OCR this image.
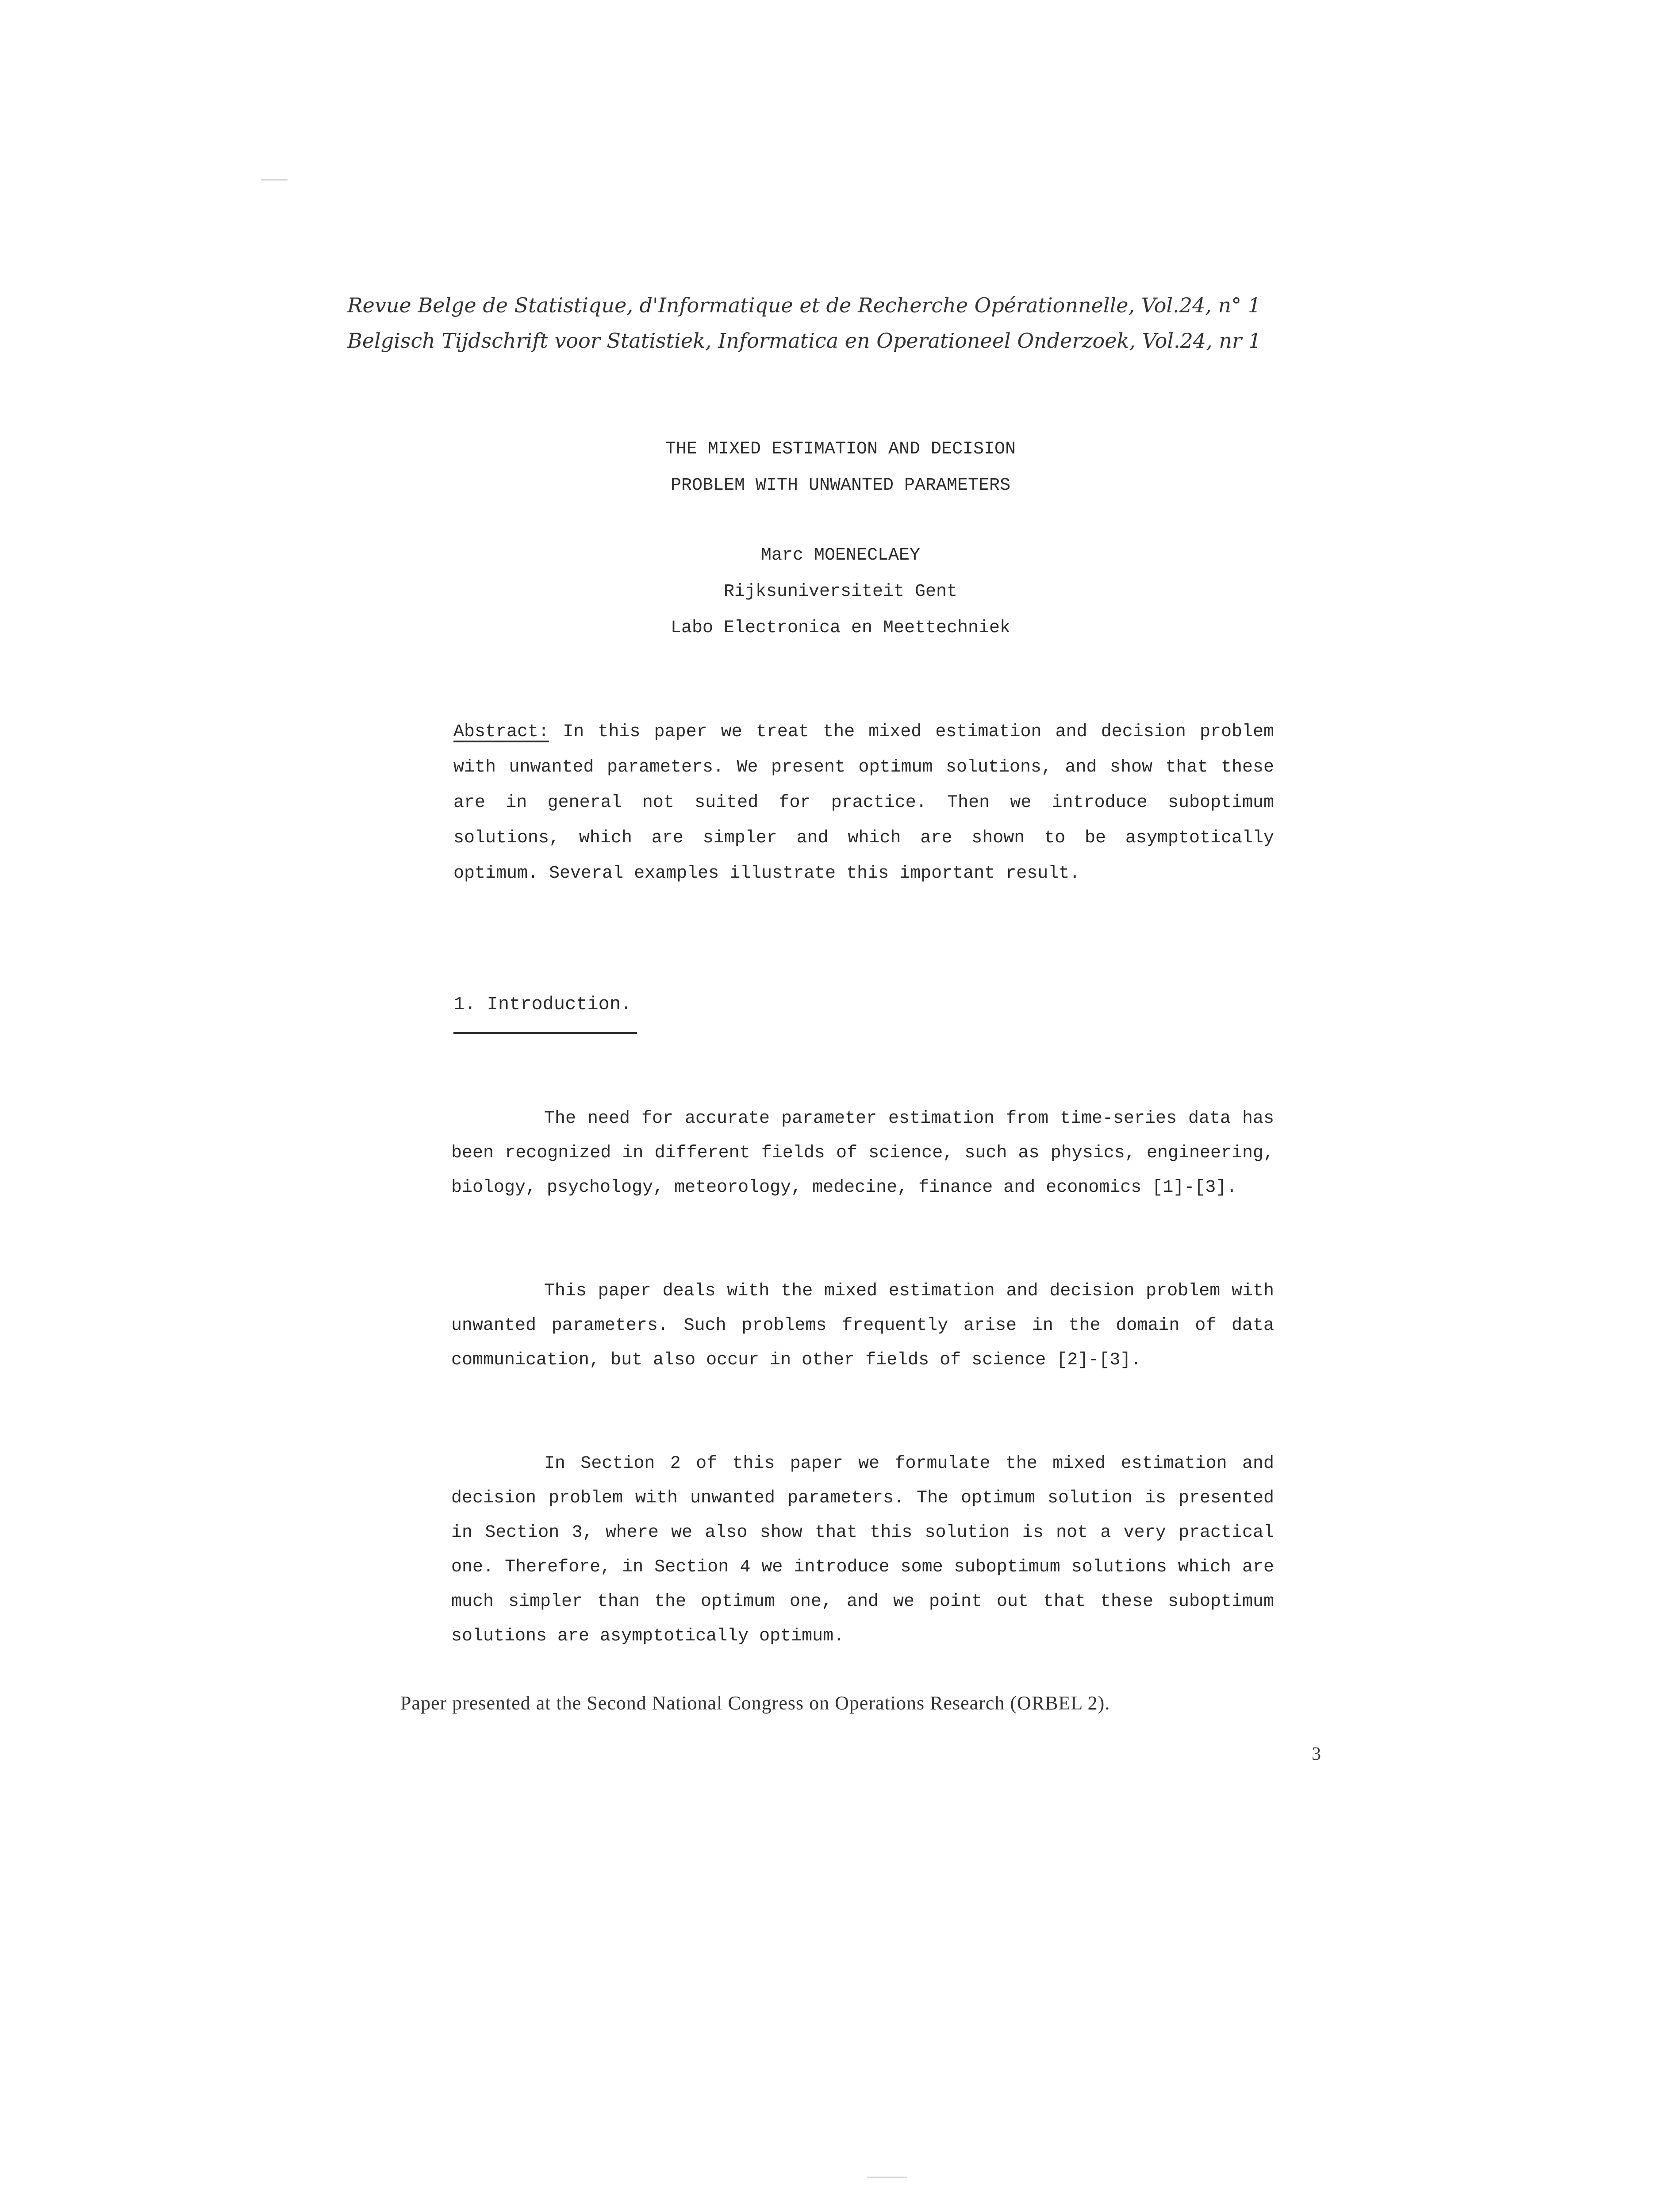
Revue Belge de Statistique, d'Informatique et de Recherche Opérationnelle, Vol.24, n° 1
Belgisch Tijdschrift voor Statistiek, Informatica en Operationeel Onderzoek, Vol.24, nr 1
THE MIXED ESTIMATION AND DECISION
PROBLEM WITH UNWANTED PARAMETERS
Marc MOENECLAEY
Rijksuniversiteit Gent
Labo Electronica en Meettechniek
Abstract: In this paper we treat the mixed estimation and decision problem with unwanted parameters. We present optimum solutions, and show that these are in general not suited for practice. Then we introduce suboptimum solutions, which are simpler and which are shown to be asymptotically optimum. Several examples illustrate this important result.
1. Introduction.
The need for accurate parameter estimation from time-series data has been recognized in different fields of science, such as physics, engineering, biology, psychology, meteorology, medecine, finance and economics [1]-[3].
This paper deals with the mixed estimation and decision problem with unwanted parameters. Such problems frequently arise in the domain of data communication, but also occur in other fields of science [2]-[3].
In Section 2 of this paper we formulate the mixed estimation and decision problem with unwanted parameters. The optimum solution is presented in Section 3, where we also show that this solution is not a very practical one. Therefore, in Section 4 we introduce some suboptimum solutions which are much simpler than the optimum one, and we point out that these suboptimum solutions are asymptotically optimum.
Paper presented at the Second National Congress on Operations Research (ORBEL 2).
3
